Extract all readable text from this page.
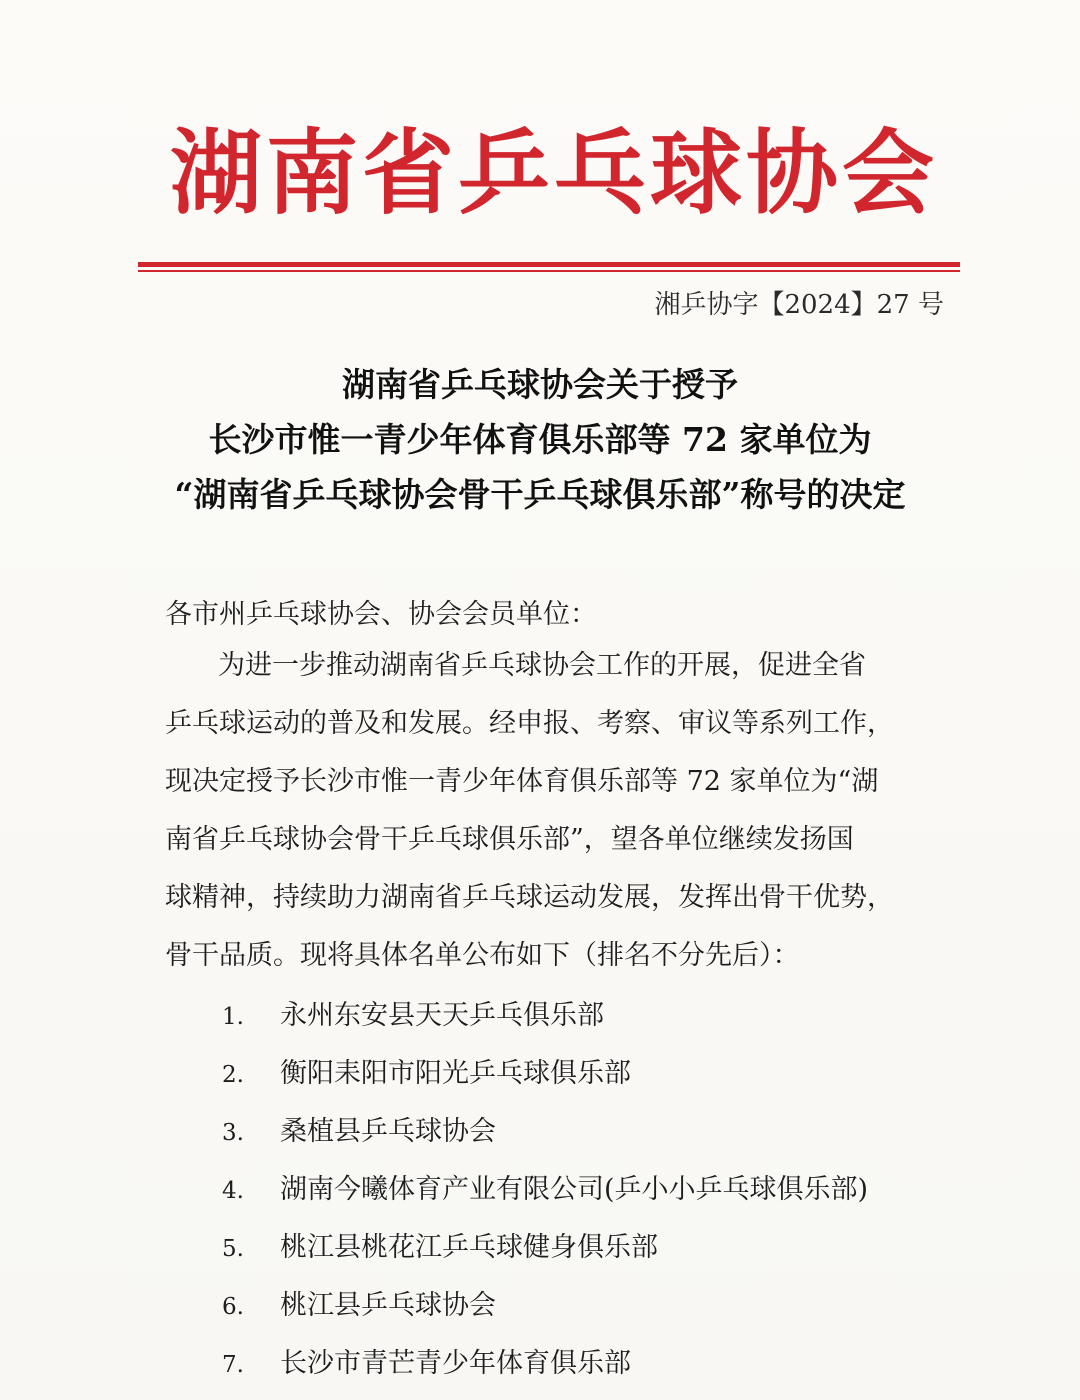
湖南省乒乓球协会
湘乒协字【2024】27 号
湖南省乒乓球协会关于授予
长沙市惟一青少年体育俱乐部等 72 家单位为
“湖南省乒乓球协会骨干乒乓球俱乐部”称号的决定
各市州乒乓球协会、协会会员单位：
为进一步推动湖南省乒乓球协会工作的开展，促进全省
乒乓球运动的普及和发展。经申报、考察、审议等系列工作，
现决定授予长沙市惟一青少年体育俱乐部等 72 家单位为“湖
南省乒乓球协会骨干乒乓球俱乐部”，望各单位继续发扬国
球精神，持续助力湖南省乒乓球运动发展，发挥出骨干优势，
骨干品质。现将具体名单公布如下（排名不分先后）：
1. 永州东安县天天乒乓俱乐部
2. 衡阳耒阳市阳光乒乓球俱乐部
3. 桑植县乒乓球协会
4. 湖南今曦体育产业有限公司(乒小小乒乓球俱乐部)
5. 桃江县桃花江乒乓球健身俱乐部
6. 桃江县乒乓球协会
7. 长沙市青芒青少年体育俱乐部
